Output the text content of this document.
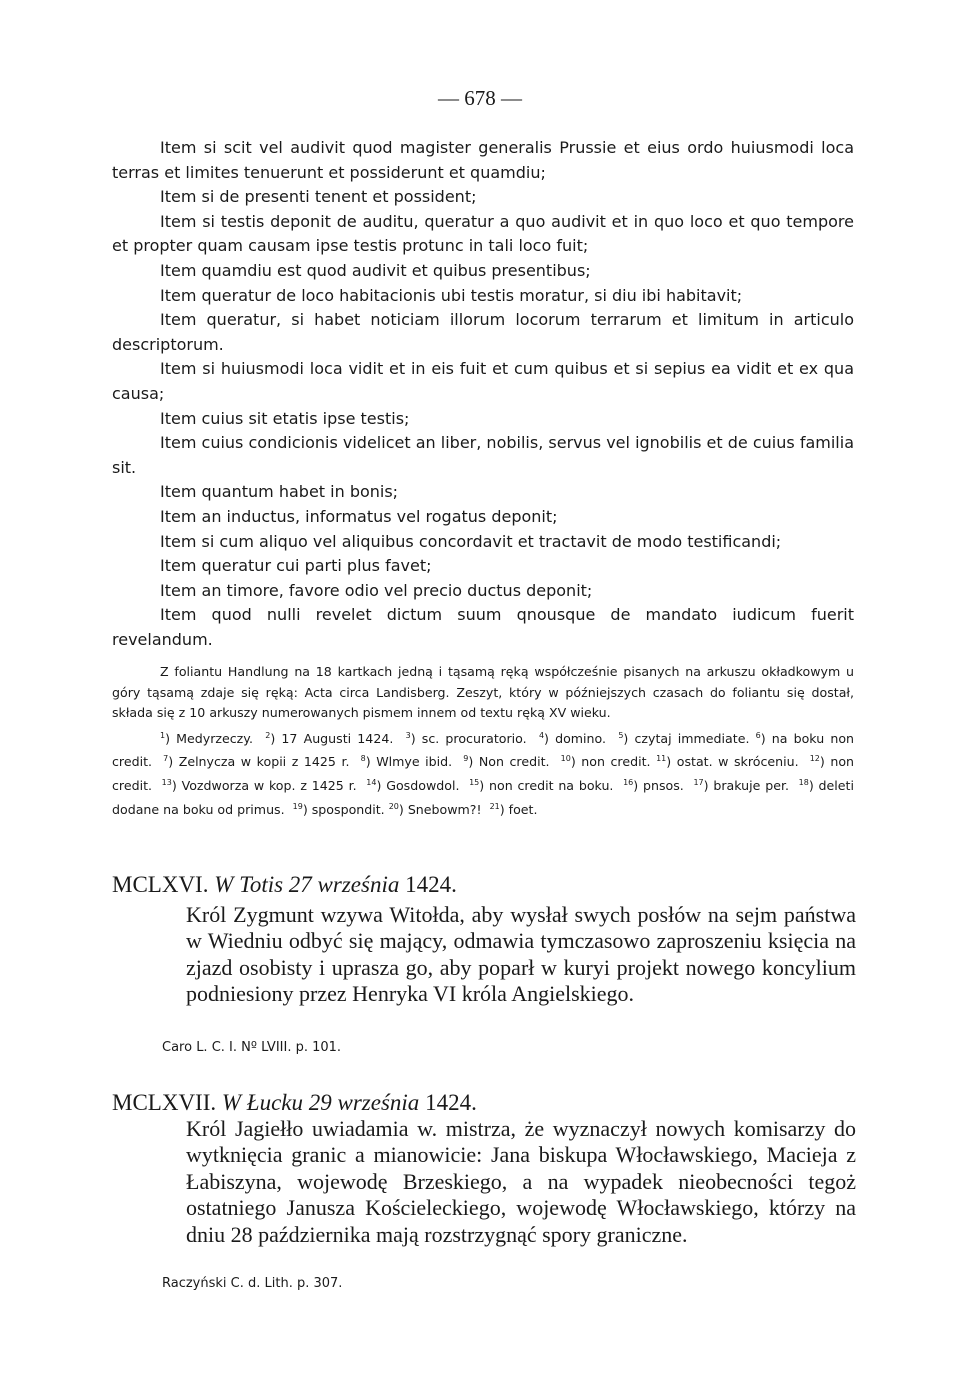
— 678 —

Item si scit vel audivit quod magister generalis Prussie et eius ordo huiusmodi loca terras et limites tenuerunt et possiderunt et quamdiu;

Item si de presenti tenent et possident;

Item si testis deponit de auditu, queratur a quo audivit et in quo loco et quo tempore et propter quam causam ipse testis protunc in tali loco fuit;

Item quamdiu est quod audivit et quibus presentibus;

Item queratur de loco habitacionis ubi testis moratur, si diu ibi habitavit;

Item queratur, si habet noticiam illorum locorum terrarum et limitum in articulo descriptorum.

Item si huiusmodi loca vidit et in eis fuit et cum quibus et si sepius ea vidit et ex qua causa;

Item cuius sit etatis ipse testis;

Item cuius condicionis videlicet an liber, nobilis, servus vel ignobilis et de cuius familia sit.

Item quantum habet in bonis;

Item an inductus, informatus vel rogatus deponit;

Item si cum aliquo vel aliquibus concordavit et tractavit de modo testificandi;

Item queratur cui parti plus favet;

Item an timore, favore odio vel precio ductus deponit;

Item quod nulli revelet dictum suum qnousque de mandato iudicum fuerit revelandum.

Z foliantu Handlung na 18 kartkach jedną i tąsamą ręką współcześnie pisanych na arkuszu okładkowym u góry tąsamą zdaje się ręką: Acta circa Landisberg. Zeszyt, który w późniejszych czasach do foliantu się dostał, składa się z 10 arkuszy numerowanych pismem innem od textu ręką XV wieku.

$^1$) Medyrzeczy. $^2$) 17 Augusti 1424. $^3$) sc. procuratorio. $^4$) domino. $^5$) czytaj immediate. $^6$) na boku non credit. $^7$) Zelnycza w kopii z 1425 r. $^8$) Wlmye ibid. $^9$) Non credit. $^{10}$) non credit. $^{11}$) ostat. w skróceniu. $^{12}$) non credit. $^{13}$) Vozdworza w kop. z 1425 r. $^{14}$) Gosdowdol. $^{15}$) non credit na boku. $^{16}$) pnsos. $^{17}$) brakuje per. $^{18}$) deleti dodane na boku od primus. $^{19}$) spospondit. $^{20}$) Snebowm?! $^{21}$) foet.

MCLXVI. W Totis 27 września 1424.

Król Zygmunt wzywa Witołda, aby wysłał swych posłów na sejm państwa w Wiedniu odbyć się mający, odmawia tymczasowo zaproszeniu księcia na zjazd osobisty i uprasza go, aby poparł w kuryi projekt nowego koncylium podniesiony przez Henryka VI króla Angielskiego.

Caro L. C. I. Nº LVIII. p. 101.
MCLXVII. W Łucku 29 września 1424.

Król Jagiełło uwiadamia w. mistrza, że wyznaczył nowych komisarzy do wytknięcia granic a mianowicie: Jana biskupa Włocławskiego, Macieja z Łabiszyna, wojewodę Brzeskiego, a na wypadek nieobecności tegoż ostatniego Janusza Kościeleckiego, wojewodę Włocławskiego, którzy na dniu 28 października mają rozstrzygnąć spory graniczne.

Raczyński C. d. Lith. p. 307.
